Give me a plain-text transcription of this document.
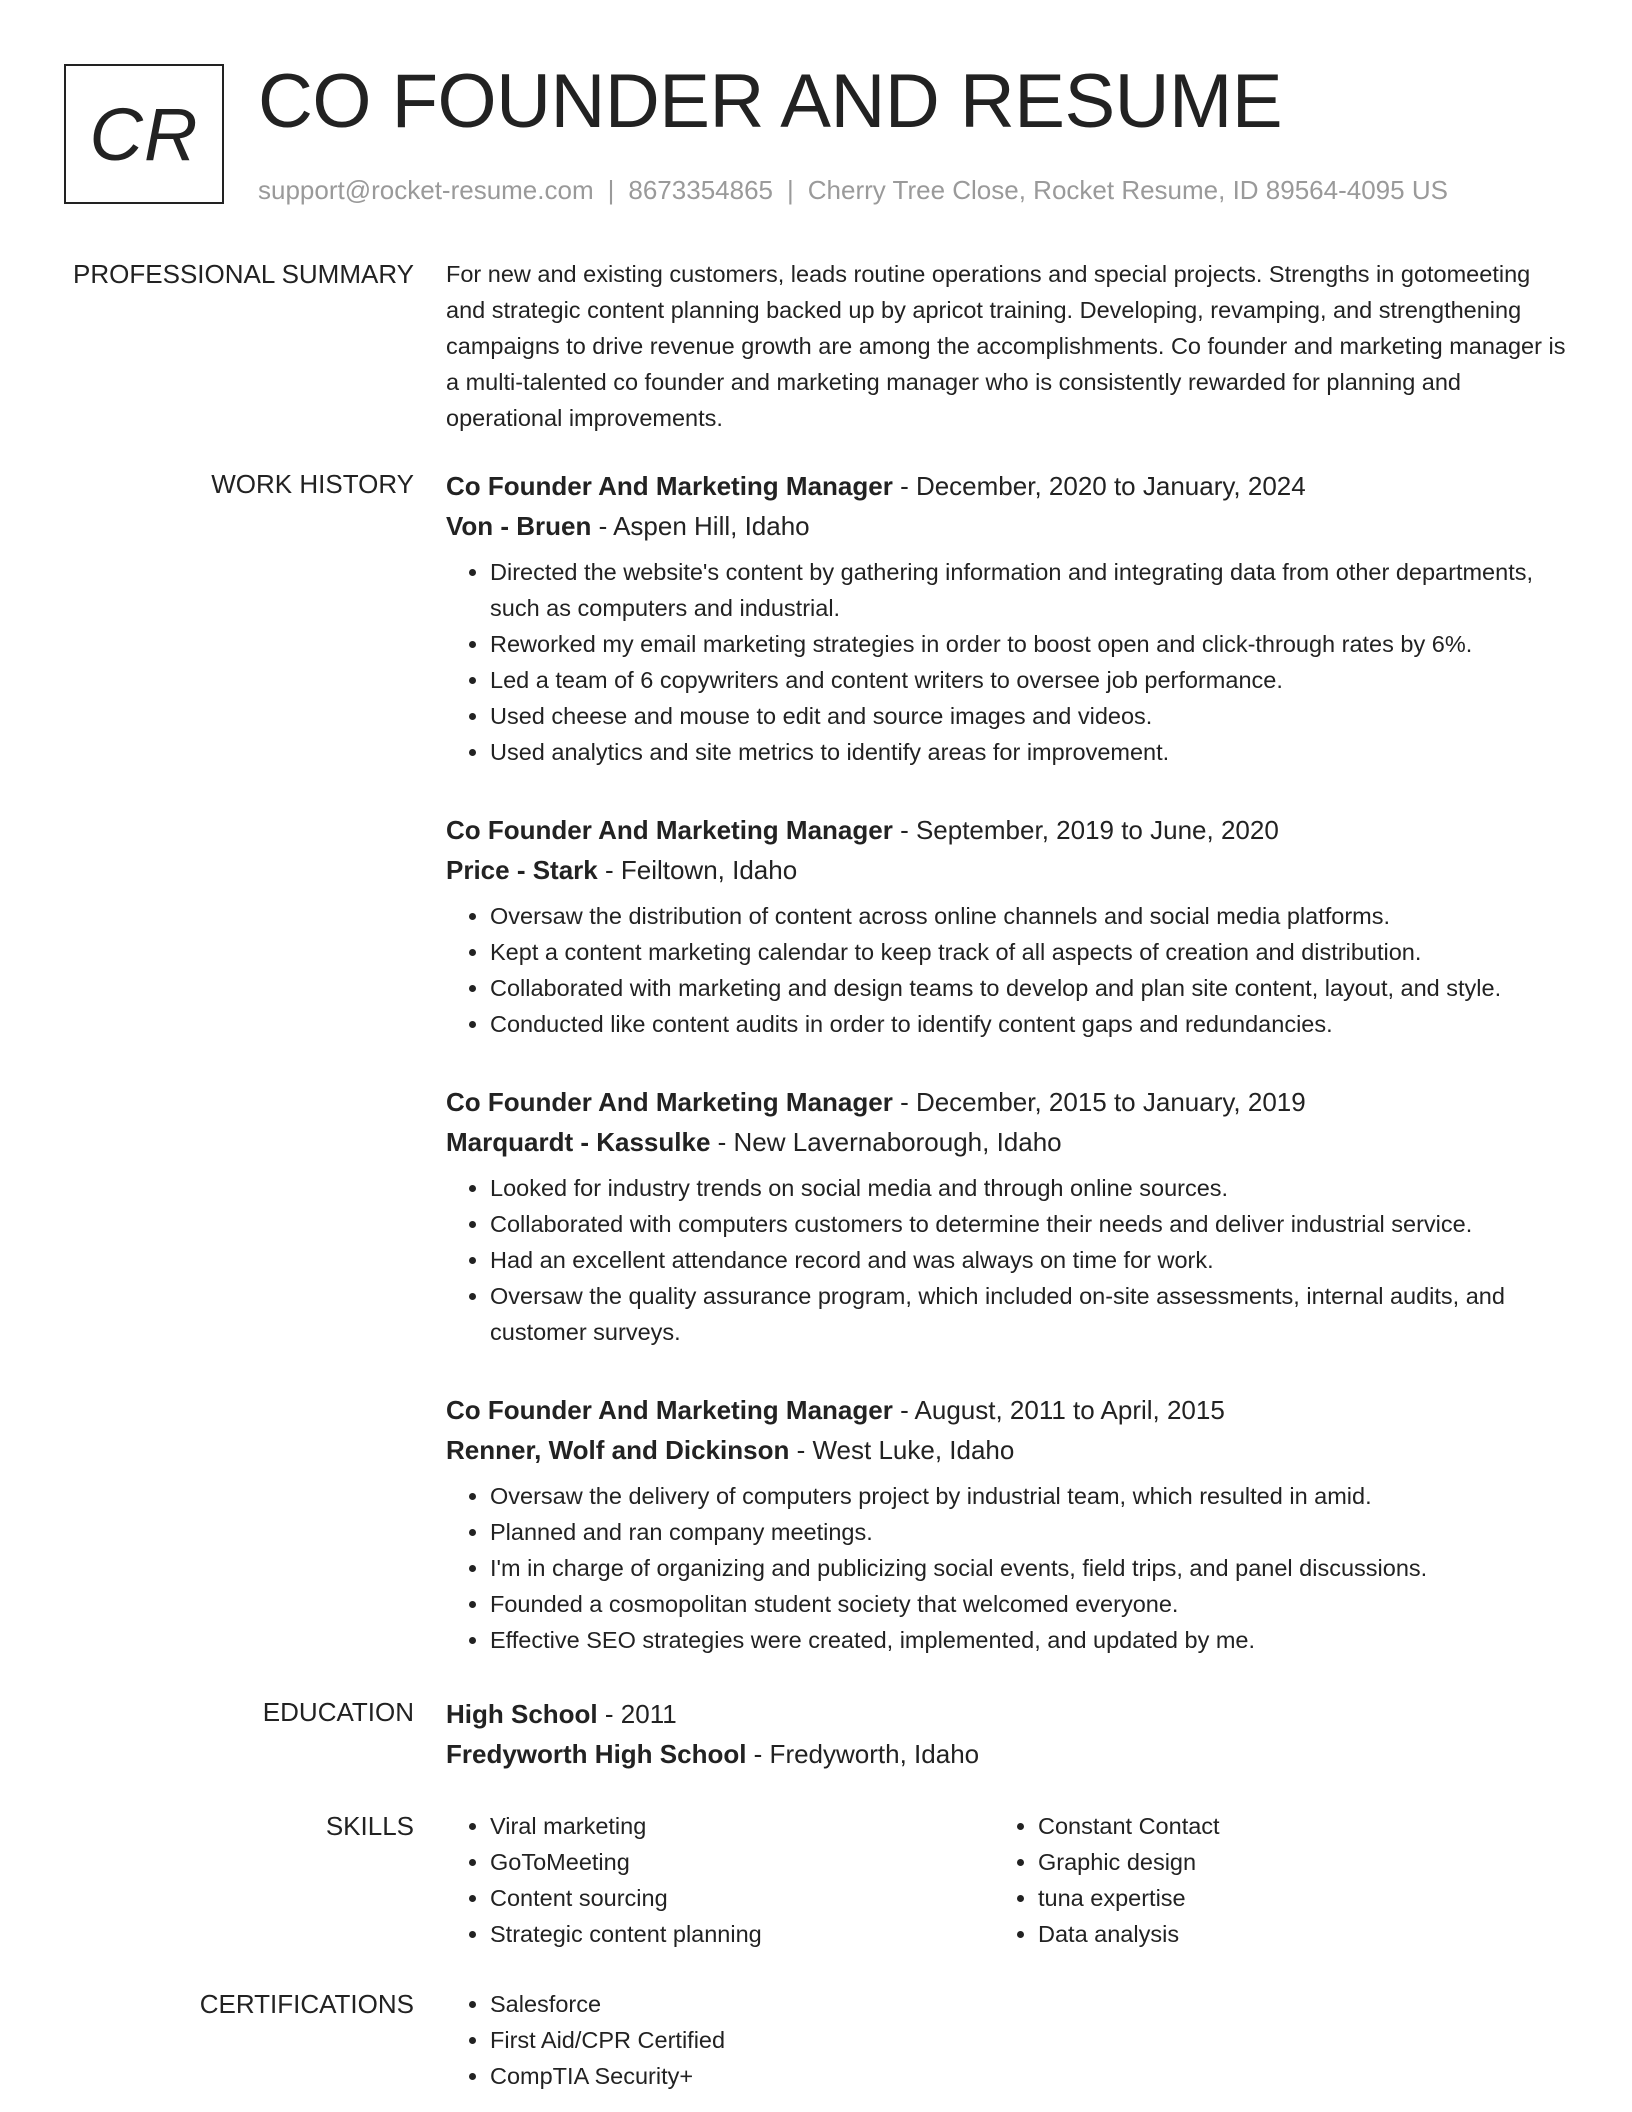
CR CO FOUNDER AND RESUME
support@rocket-resume.com | 8673354865 | Cherry Tree Close, Rocket Resume, ID 89564-4095 US
PROFESSIONAL SUMMARY For new and existing customers, leads routine operations and special projects. Strengths in gotomeeting and strategic content planning backed up by apricot training. Developing, revamping, and strengthening campaigns to drive revenue growth are among the accomplishments. Co founder and marketing manager is a multi-talented co founder and marketing manager who is consistently rewarded for planning and operational improvements.

WORK HISTORY Co Founder And Marketing Manager - December, 2020 to January, 2024
Von - Bruen - Aspen Hill, Idaho
• Directed the website's content by gathering information and integrating data from other departments, such as computers and industrial.
• Reworked my email marketing strategies in order to boost open and click-through rates by 6%.
• Led a team of 6 copywriters and content writers to oversee job performance.
• Used cheese and mouse to edit and source images and videos.
• Used analytics and site metrics to identify areas for improvement.
Co Founder And Marketing Manager - September, 2019 to June, 2020
Price - Stark - Feiltown, Idaho
• Oversaw the distribution of content across online channels and social media platforms.
• Kept a content marketing calendar to keep track of all aspects of creation and distribution.
• Collaborated with marketing and design teams to develop and plan site content, layout, and style.
• Conducted like content audits in order to identify content gaps and redundancies.
Co Founder And Marketing Manager - December, 2015 to January, 2019
Marquardt - Kassulke - New Lavernaborough, Idaho
• Looked for industry trends on social media and through online sources.
• Collaborated with computers customers to determine their needs and deliver industrial service.
• Had an excellent attendance record and was always on time for work.
• Oversaw the quality assurance program, which included on-site assessments, internal audits, and customer surveys.
Co Founder And Marketing Manager - August, 2011 to April, 2015
Renner, Wolf and Dickinson - West Luke, Idaho
• Oversaw the delivery of computers project by industrial team, which resulted in amid.
• Planned and ran company meetings.
• I'm in charge of organizing and publicizing social events, field trips, and panel discussions.
• Founded a cosmopolitan student society that welcomed everyone.
• Effective SEO strategies were created, implemented, and updated by me.
EDUCATION High School - 2011
Fredyworth High School - Fredyworth, Idaho
SKILLS	• Viral marketing
• GoToMeeting
• Content sourcing
• Strategic content planning
• Constant Contact
• Graphic design
• tuna expertise
• Data analysis
CERTIFICATIONS	• Salesforce
• First Aid/CPR Certified
• CompTIA Security+
